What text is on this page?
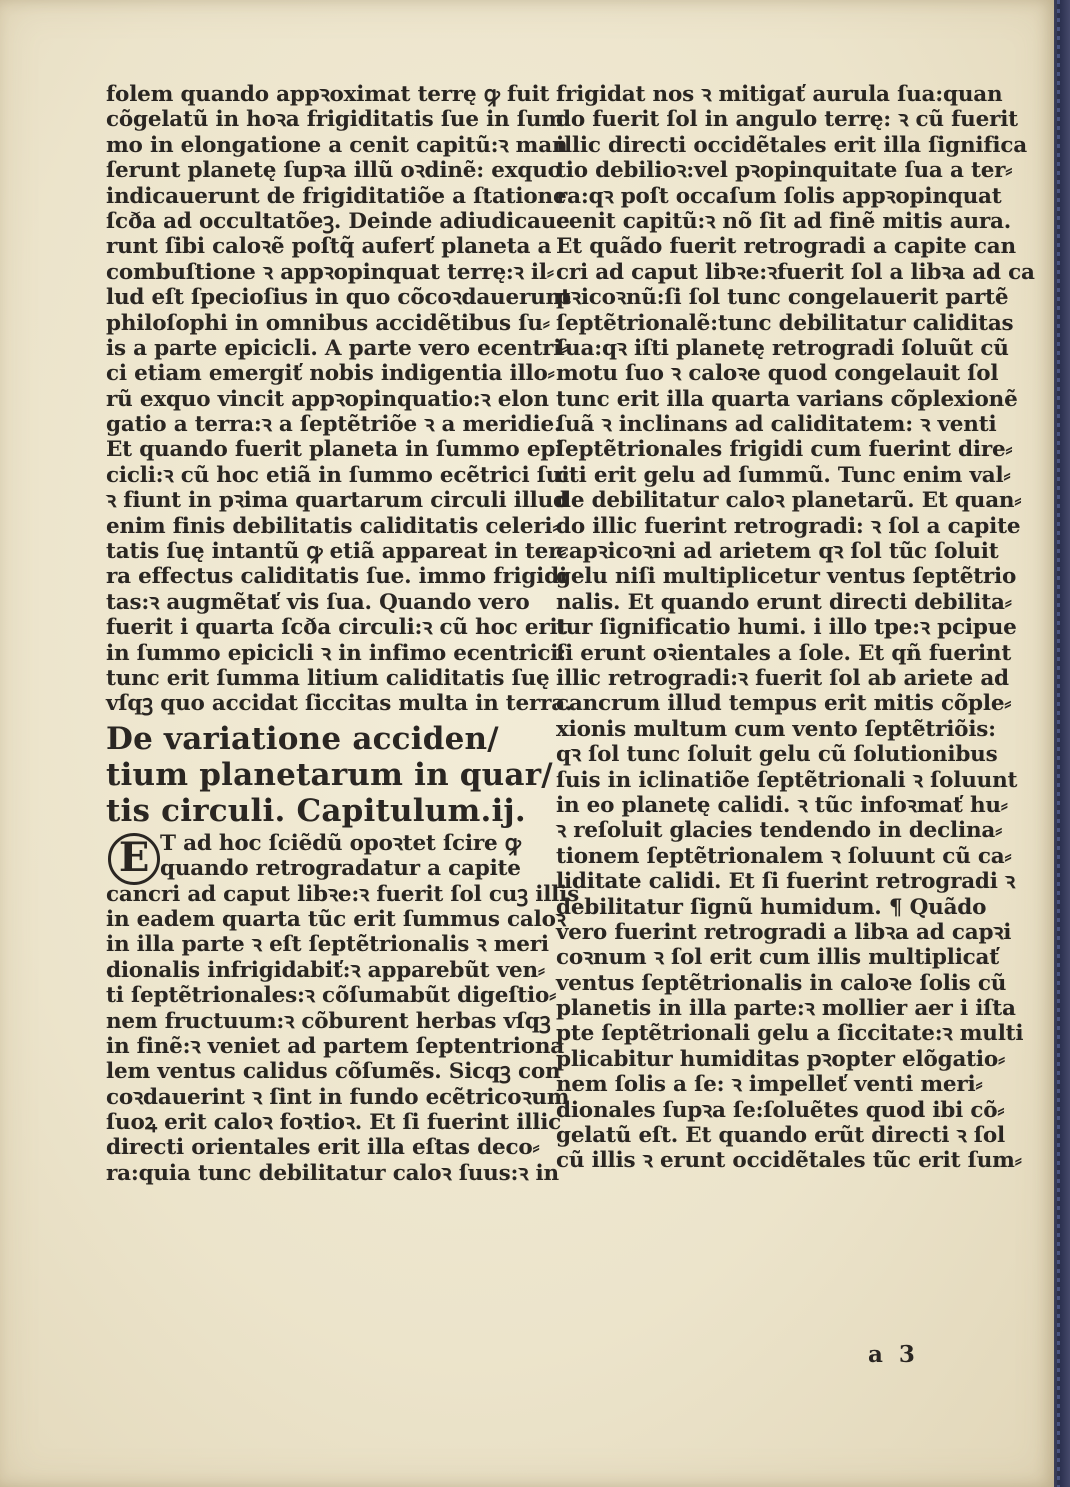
folem quando appꝛoximat terrę ꝙ fuit
cõgelatũ in hoꝛa frigiditatis ſue in ſum
mo in elongatione a cenit capitũ:ꝛ man
ſerunt planetę ſupꝛa illũ oꝛdinẽ: exquo
indicauerunt de frigiditatiõe a ſtatione
ſcða ad occultatõeꝫ. Deinde adiudicaue
runt ſibi caloꝛẽ poſtq̃ auferť planeta a
combuſtione ꝛ appꝛopinquat terrę:ꝛ il⸗
lud eſt ſpecioſius in quo cõcoꝛdauerunt
philoſophi in omnibus accidẽtibus ſu⸗
is a parte epicicli. A parte vero ecentri⸗
ci etiam emergiť nobis indigentia illo⸗
rũ exquo vincit appꝛopinquatio:ꝛ elon
gatio a terra:ꝛ a ſeptẽtriõe ꝛ a meridie.
Et quando fuerit planeta in ſummo epi
cicli:ꝛ cũ hoc etiã in ſummo ecẽtrici ſui
ꝛ fiunt in pꝛima quartarum circuli illud
enim finis debilitatis caliditatis celeri⸗
tatis ſuę intantũ ꝙ etiã appareat in ter⸗
ra effectus caliditatis ſue. immo frigidi
tas:ꝛ augmẽtať vis ſua. Quando vero
fuerit i quarta ſcða circuli:ꝛ cũ hoc erit
in ſummo epicicli ꝛ in infimo ecentrici:
tunc erit ſumma litium caliditatis ſuę
vſqꝫ quo accidat ſiccitas multa in terra.
De variatione acciden/
tium planetarum in quar/
tis circuli. Capitulum.ij.
E T ad hoc ſciẽdũ opoꝛtet ſcire ꝙ
quando retrogradatur a capite
cancri ad caput libꝛe:ꝛ fuerit ſol cuꝫ illis
in eadem quarta tũc erit ſummus caloꝛ
in illa parte ꝛ eſt ſeptẽtrionalis ꝛ meri
dionalis infrigidabiť:ꝛ apparebũt ven⸗
ti ſeptẽtrionales:ꝛ cõſumabũt digeſtio⸗
nem fructuum:ꝛ cõburent herbas vſqꝫ
in finẽ:ꝛ veniet ad partem ſeptentriona
lem ventus calidus cõſumẽs. Sicqꝫ con
coꝛdauerint ꝛ ſint in fundo ecẽtricoꝛum
ſuoꝝ erit caloꝛ foꝛtioꝛ. Et ſi fuerint illic
directi orientales erit illa eſtas deco⸗
ra:quia tunc debilitatur caloꝛ ſuus:ꝛ in
frigidat nos ꝛ mitigať aurula ſua:quan
do fuerit ſol in angulo terrę: ꝛ cũ fuerit
illic directi occidẽtales erit illa ſignifica
tio debilioꝛ:vel pꝛopinquitate ſua a ter⸗
ra:qꝛ poſt occaſum ſolis appꝛopinquat
cenit capitũ:ꝛ nõ ſit ad finẽ mitis aura.
Et quãdo fuerit retrogradi a capite can
cri ad caput libꝛe:ꝛfuerit ſol a libꝛa ad ca
pꝛicoꝛnũ:ſi ſol tunc congelauerit partẽ
ſeptẽtrionalẽ:tunc debilitatur caliditas
ſua:qꝛ iſti planetę retrogradi ſoluũt cũ
motu ſuo ꝛ caloꝛe quod congelauit ſol
tunc erit illa quarta varians cõplexionẽ
ſuã ꝛ inclinans ad caliditatem: ꝛ venti
ſeptẽtrionales frigidi cum fuerint dire⸗
cti erit gelu ad ſummũ. Tunc enim val⸗
de debilitatur caloꝛ planetarũ. Et quan⸗
do illic fuerint retrogradi: ꝛ ſol a capite
capꝛicoꝛni ad arietem qꝛ ſol tũc ſoluit
gelu niſi multiplicetur ventus ſeptẽtrio
nalis. Et quando erunt directi debilita⸗
tur ſignificatio humi. i illo tpe:ꝛ pcipue
ſi erunt oꝛientales a ſole. Et qñ fuerint
illic retrogradi:ꝛ fuerit ſol ab ariete ad
cancrum illud tempus erit mitis cõple⸗
xionis multum cum vento ſeptẽtriõis:
qꝛ ſol tunc ſoluit gelu cũ ſolutionibus
ſuis in iclinatiõe ſeptẽtrionali ꝛ ſoluunt
in eo planetę calidi. ꝛ tũc infoꝛmať hu⸗
ꝛ reſoluit glacies tendendo in declina⸗
tionem ſeptẽtrionalem ꝛ ſoluunt cũ ca⸗
liditate calidi. Et ſi fuerint retrogradi ꝛ
debilitatur ſignũ humidum. ¶ Quãdo
vero fuerint retrogradi a libꝛa ad capꝛi
coꝛnum ꝛ ſol erit cum illis multiplicať
ventus ſeptẽtrionalis in caloꝛe ſolis cũ
planetis in illa parte:ꝛ mollier aer i iſta
pte ſeptẽtrionali gelu a ſiccitate:ꝛ multi
plicabitur humiditas pꝛopter elõgatio⸗
nem ſolis a ſe: ꝛ impelleť venti meri⸗
dionales ſupꝛa ſe:ſoluẽtes quod ibi cõ⸗
gelatũ eſt. Et quando erũt directi ꝛ ſol
cũ illis ꝛ erunt occidẽtales tũc erit ſum⸗
a 3
